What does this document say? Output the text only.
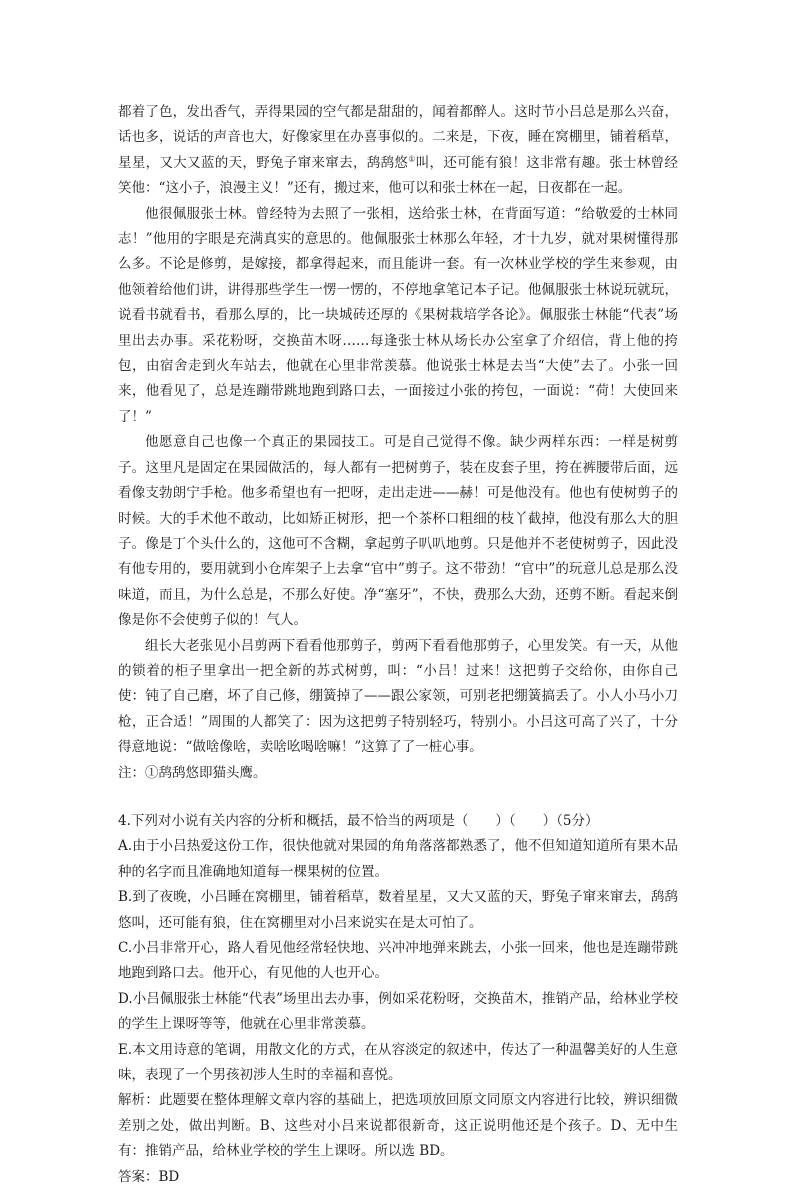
都着了色，发出香气，弄得果园的空气都是甜甜的，闻着都醉人。这时节小吕总是那么兴奋，话也多，说话的声音也大，好像家里在办喜事似的。二来是，下夜，睡在窝棚里，铺着稻草，星星，又大又蓝的天，野兔子窜来窜去，鸹鸹悠①叫，还可能有狼！这非常有趣。张士林曾经笑他：“这小子，浪漫主义！”还有，搬过来，他可以和张士林在一起，日夜都在一起。

他很佩服张士林。曾经特为去照了一张相，送给张士林，在背面写道：“给敬爱的士林同志！”他用的字眼是充满真实的意思的。他佩服张士林那么年轻，才十九岁，就对果树懂得那么多。不论是修剪，是嫁接，都拿得起来，而且能讲一套。有一次林业学校的学生来参观，由他领着给他们讲，讲得那些学生一愣一愣的，不停地拿笔记本子记。他佩服张士林说玩就玩，说看书就看书，看那么厚的，比一块城砖还厚的《果树栽培学各论》。佩服张士林能“代表”场里出去办事。采花粉呀，交换苗木呀……每逢张士林从场长办公室拿了介绍信，背上他的挎包，由宿舍走到火车站去，他就在心里非常羡慕。他说张士林是去当“大使”去了。小张一回来，他看见了，总是连蹦带跳地跑到路口去，一面接过小张的挎包，一面说：“荷！大使回来了！”

他愿意自己也像一个真正的果园技工。可是自己觉得不像。缺少两样东西：一样是树剪子。这里凡是固定在果园做活的，每人都有一把树剪子，装在皮套子里，挎在裤腰带后面，远看像支勃朗宁手枪。他多希望也有一把呀，走出走进——赫！可是他没有。他也有使树剪子的时候。大的手术他不敢动，比如矫正树形，把一个茶杯口粗细的枝丫截掉，他没有那么大的胆子。像是丁个头什么的，这他可不含糊，拿起剪子叭叭地剪。只是他并不老使树剪子，因此没有他专用的，要用就到小仓库架子上去拿“官中”剪子。这不带劲！“官中”的玩意儿总是那么没味道，而且，为什么总是，不那么好使。净“塞牙”，不快，费那么大劲，还剪不断。看起来倒像是你不会使剪子似的！气人。

组长大老张见小吕剪两下看看他那剪子，剪两下看看他那剪子，心里发笑。有一天，从他的锁着的柜子里拿出一把全新的苏式树剪，叫：“小吕！过来！这把剪子交给你，由你自己使：钝了自己磨，坏了自己修，绷簧掉了——跟公家领，可别老把绷簧搞丢了。小人小马小刀枪，正合适！”周围的人都笑了：因为这把剪子特别轻巧，特别小。小吕这可高了兴了，十分得意地说：“做啥像啥，卖啥吆喝啥嘛！”这算了了一桩心事。

注：①鸹鸹悠即猫头鹰。

4.下列对小说有关内容的分析和概括，最不恰当的两项是（　　）（　　）（5分）

A.由于小吕热爱这份工作，很快他就对果园的角角落落都熟悉了，他不但知道知道所有果木品种的名字而且准确地知道每一棵果树的位置。

B.到了夜晚，小吕睡在窝棚里，铺着稻草，数着星星，又大又蓝的天，野兔子窜来窜去，鸹鸹悠叫，还可能有狼，住在窝棚里对小吕来说实在是太可怕了。

C.小吕非常开心，路人看见他经常轻快地、兴冲冲地弹来跳去，小张一回来，他也是连蹦带跳地跑到路口去。他开心，有见他的人也开心。

D.小吕佩服张士林能“代表”场里出去办事，例如采花粉呀，交换苗木，推销产品，给林业学校的学生上课呀等等，他就在心里非常羡慕。

E.本文用诗意的笔调，用散文化的方式，在从容淡定的叙述中，传达了一种温馨美好的人生意味，表现了一个男孩初涉人生时的幸福和喜悦。

解析：此题要在整体理解文章内容的基础上，把选项放回原文同原文内容进行比较，辨识细微差别之处，做出判断。B、这些对小吕来说都很新奇，这正说明他还是个孩子。D、无中生有：推销产品，给林业学校的学生上课呀。所以选 BD。

答案：BD
